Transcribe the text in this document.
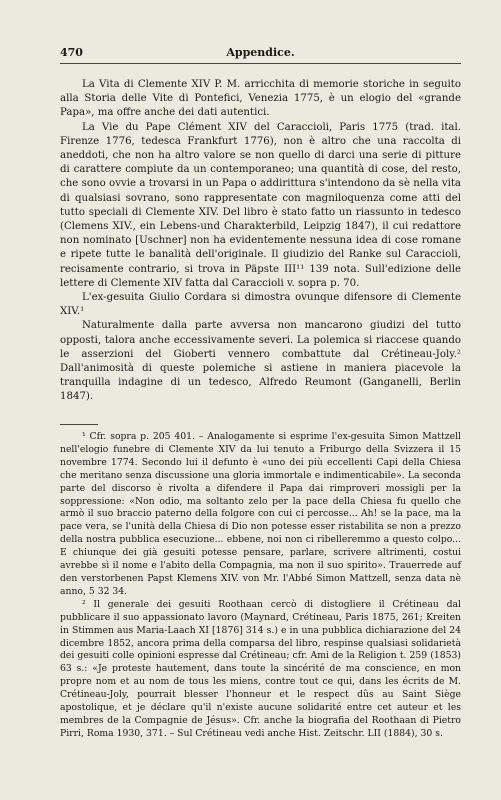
470	Appendice.

La Vita di Clemente XIV P. M. arricchita di memorie storiche in seguito alla Storia delle Vite di Pontefici, Venezia 1775, è un elogio del «grande Papa», ma offre anche dei dati autentici.

La Vie du Pape Clément XIV del Caraccioli, Paris 1775 (trad. ital. Firenze 1776, tedesca Frankfurt 1776), non è altro che una raccolta di aneddoti, che non ha altro valore se non quello di darci una serie di pitture di carattere compiute da un contemporaneo; una quantità di cose, del resto, che sono ovvie a trovarsi in un Papa o addirittura s'intendono da sè nella vita di qualsiasi sovrano, sono rappresentate con magniloquenza come atti del tutto speciali di Clemente XIV. Del libro è stato fatto un riassunto in tedesco (Clemens XIV., ein Lebens-und Charakterbild, Leipzig 1847), il cui redattore non nominato [Uschner] non ha evidentemente nessuna idea di cose romane e ripete tutte le banalità dell'originale. Il giudizio del Ranke sul Caraccioli, recisamente contrario, si trova in Päpste III¹¹ 139 nota. Sull'edizione delle lettere di Clemente XIV fatta dal Caraccioli v. sopra p. 70.

L'ex-gesuita Giulio Cordara si dimostra ovunque difensore di Clemente XIV.¹

Naturalmente dalla parte avversa non mancarono giudizi del tutto opposti, talora anche eccessivamente severi. La polemica si riaccese quando le asserzioni del Gioberti vennero combattute dal Crétineau-Joly.² Dall'animosità di queste polemiche si astiene in maniera piacevole la tranquilla indagine di un tedesco, Alfredo Reumont (Ganganelli, Berlin 1847).

¹ Cfr. sopra p. 205 401. – Analogamente si esprime l'ex-gesuita Simon Mattzell nell'elogio funebre di Clemente XIV da lui tenuto a Friburgo della Svizzera il 15 novembre 1774. Secondo lui il defunto è «uno dei più eccellenti Capi della Chiesa che meritano senza discussione una gloria immortale e indimenticabile». La seconda parte del discorso è rivolta a difendere il Papa dai rimproveri mossigli per la soppressione: «Non odio, ma soltanto zelo per la pace della Chiesa fu quello che armò il suo braccio paterno della folgore con cui ci percosse... Ah! se la pace, ma la pace vera, se l'unità della Chiesa di Dio non potesse esser ristabilita se non a prezzo della nostra pubblica esecuzione... ebbene, noi non ci ribelleremmo a questo colpo... E chiunque dei già gesuiti potesse pensare, parlare, scrivere altrimenti, costui avrebbe sì il nome e l'abito della Compagnia, ma non il suo spirito». Trauerrede auf den verstorbenen Papst Klemens XIV. von Mr. l'Abbé Simon Mattzell, senza data nè anno, 5 32 34.

² Il generale dei gesuiti Roothaan cercò di distogliere il Crétineau dal pubblicare il suo appassionato lavoro (Maynard, Crétineau, Paris 1875, 261; Kreiten in Stimmen aus Maria-Laach XI [1876] 314 s.) e in una pubblica dichiarazione del 24 dicembre 1852, ancora prima della comparsa del libro, respinse qualsiasi solidarietà dei gesuiti colle opinioni espresse dal Crétineau; cfr. Ami de la Religion t. 259 (1853) 63 s.: «Je proteste hautement, dans toute la sincérité de ma conscience, en mon propre nom et au nom de tous les miens, contre tout ce qui, dans les écrits de M. Crétineau-Joly, pourrait blesser l'honneur et le respect dûs au Saint Siège apostolique, et je déclare qu'il n'existe aucune solidarité entre cet auteur et les membres de la Compagnie de Jésus». Cfr. anche la biografia del Roothaan di Pietro Pirri, Roma 1930, 371. – Sul Crétineau vedi anche Hist. Zeitschr. LII (1884), 30 s.
